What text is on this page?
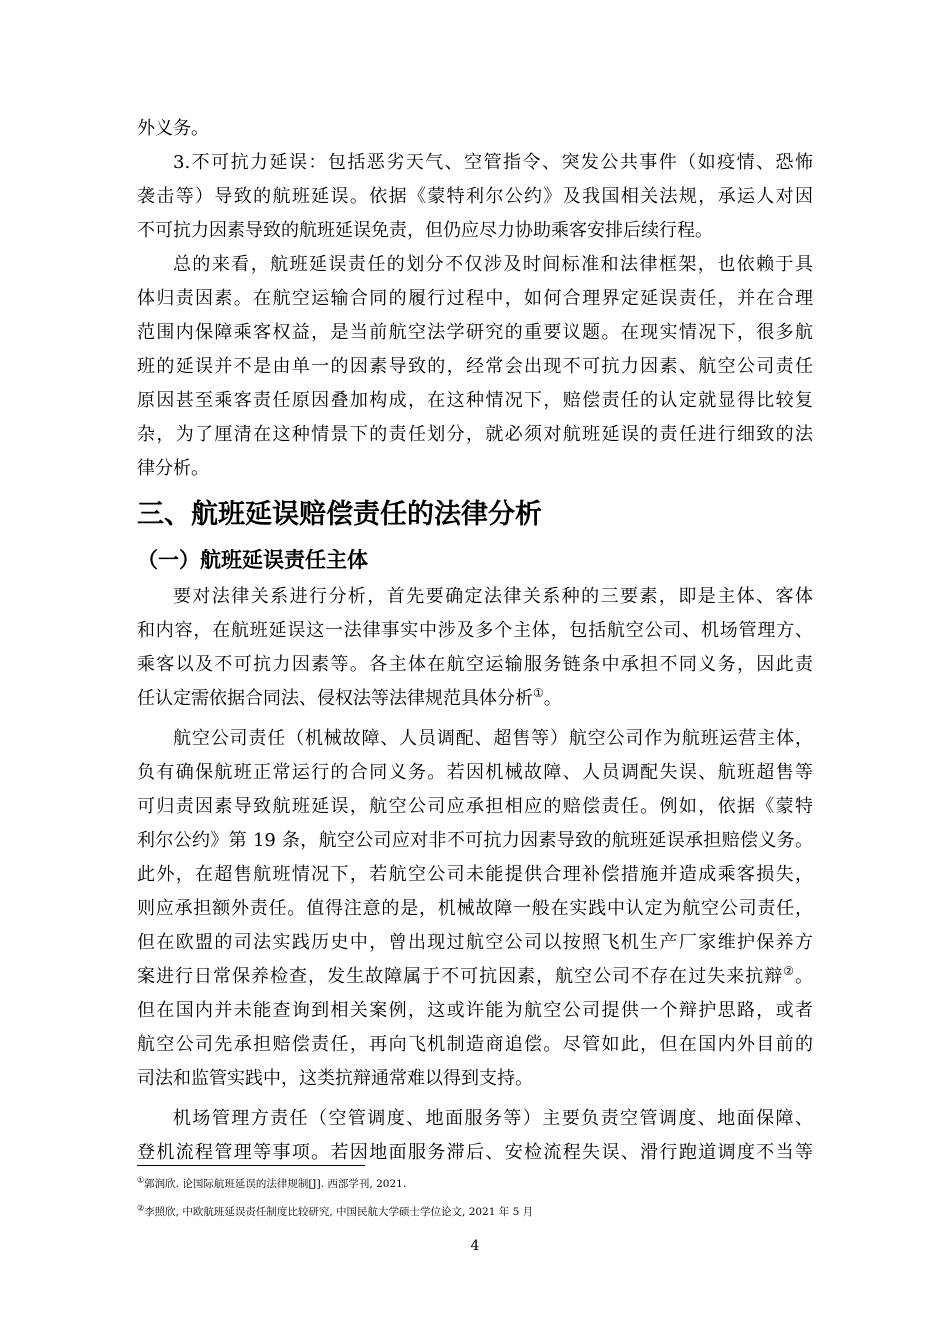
外义务。
3.不可抗力延误：包括恶劣天气、空管指令、突发公共事件（如疫情、恐怖
袭击等）导致的航班延误。依据《蒙特利尔公约》及我国相关法规，承运人对因
不可抗力因素导致的航班延误免责，但仍应尽力协助乘客安排后续行程。
总的来看，航班延误责任的划分不仅涉及时间标准和法律框架，也依赖于具
体归责因素。在航空运输合同的履行过程中，如何合理界定延误责任，并在合理
范围内保障乘客权益，是当前航空法学研究的重要议题。在现实情况下，很多航
班的延误并不是由单一的因素导致的，经常会出现不可抗力因素、航空公司责任
原因甚至乘客责任原因叠加构成，在这种情况下，赔偿责任的认定就显得比较复
杂，为了厘清在这种情景下的责任划分，就必须对航班延误的责任进行细致的法
律分析。
三、航班延误赔偿责任的法律分析
（一）航班延误责任主体
要对法律关系进行分析，首先要确定法律关系种的三要素，即是主体、客体
和内容，在航班延误这一法律事实中涉及多个主体，包括航空公司、机场管理方、
乘客以及不可抗力因素等。各主体在航空运输服务链条中承担不同义务，因此责
任认定需依据合同法、侵权法等法律规范具体分析①。
航空公司责任（机械故障、人员调配、超售等）航空公司作为航班运营主体，
负有确保航班正常运行的合同义务。若因机械故障、人员调配失误、航班超售等
可归责因素导致航班延误，航空公司应承担相应的赔偿责任。例如，依据《蒙特
利尔公约》第 19 条，航空公司应对非不可抗力因素导致的航班延误承担赔偿义务。
此外，在超售航班情况下，若航空公司未能提供合理补偿措施并造成乘客损失，
则应承担额外责任。值得注意的是，机械故障一般在实践中认定为航空公司责任，
但在欧盟的司法实践历史中，曾出现过航空公司以按照飞机生产厂家维护保养方
案进行日常保养检查，发生故障属于不可抗因素，航空公司不存在过失来抗辩②。
但在国内并未能查询到相关案例，这或许能为航空公司提供一个辩护思路，或者
航空公司先承担赔偿责任，再向飞机制造商追偿。尽管如此，但在国内外目前的
司法和监管实践中，这类抗辩通常难以得到支持。
机场管理方责任（空管调度、地面服务等）主要负责空管调度、地面保障、
登机流程管理等事项。若因地面服务滞后、安检流程失误、滑行跑道调度不当等
①郭润欣. 论国际航班延误的法律规制[J]. 西部学刊, 2021.
②李照欣, 中欧航班延误责任制度比较研究, 中国民航大学硕士学位论文, 2021 年 5 月
4
